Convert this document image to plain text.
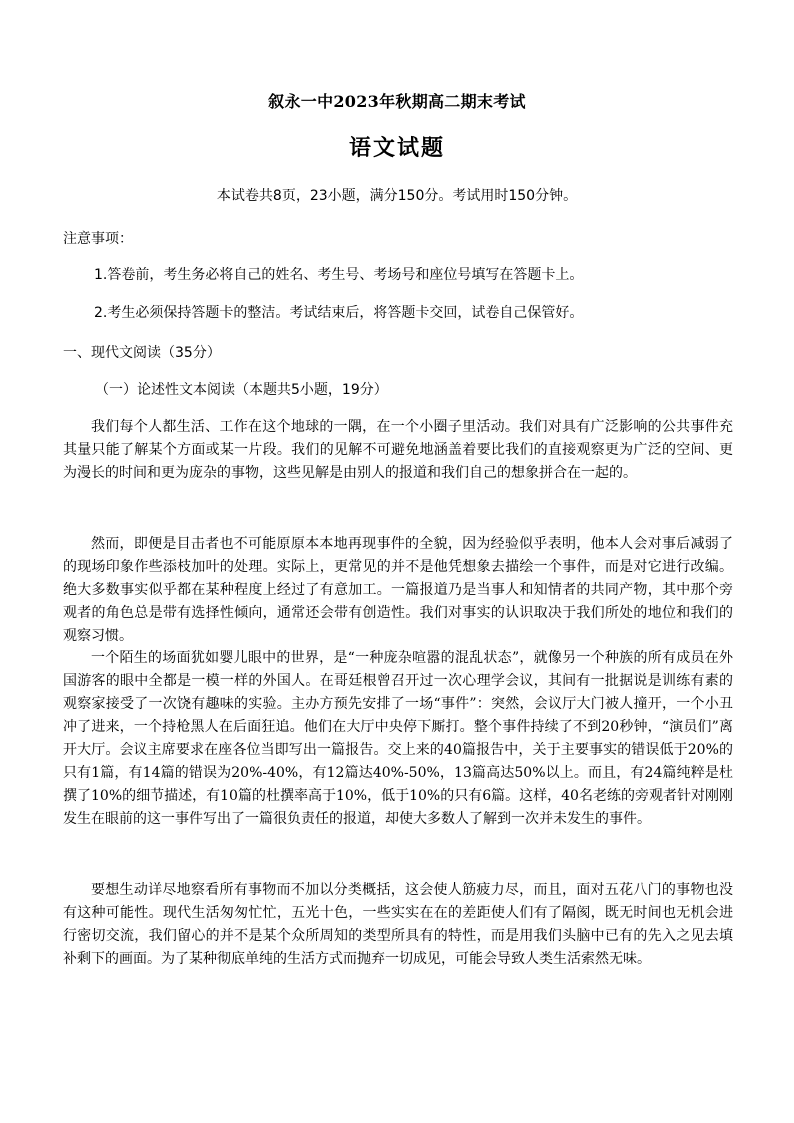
叙永一中2023年秋期高二期末考试
语文试题
本试卷共8页，23小题，满分150分。考试用时150分钟。
注意事项：
1.答卷前，考生务必将自己的姓名、考生号、考场号和座位号填写在答题卡上。
2.考生必须保持答题卡的整洁。考试结束后，将答题卡交回，试卷自己保管好。
一、现代文阅读（35分）
（一）论述性文本阅读（本题共5小题，19分）

我们每个人都生活、工作在这个地球的一隅，在一个小圈子里活动。我们对具有广泛影响的公共事件充其量只能了解某个方面或某一片段。我们的见解不可避免地涵盖着要比我们的直接观察更为广泛的空间、更为漫长的时间和更为庞杂的事物，这些见解是由别人的报道和我们自己的想象拼合在一起的。

然而，即便是目击者也不可能原原本本地再现事件的全貌，因为经验似乎表明，他本人会对事后减弱了的现场印象作些添枝加叶的处理。实际上，更常见的并不是他凭想象去描绘一个事件，而是对它进行改编。绝大多数事实似乎都在某种程度上经过了有意加工。一篇报道乃是当事人和知情者的共同产物，其中那个旁观者的角色总是带有选择性倾向，通常还会带有创造性。我们对事实的认识取决于我们所处的地位和我们的观察习惯。

一个陌生的场面犹如婴儿眼中的世界，是“一种庞杂喧嚣的混乱状态”，就像另一个种族的所有成员在外国游客的眼中全都是一模一样的外国人。在哥廷根曾召开过一次心理学会议，其间有一批据说是训练有素的观察家接受了一次饶有趣味的实验。主办方预先安排了一场“事件”：突然，会议厅大门被人撞开，一个小丑冲了进来，一个持枪黑人在后面狂追。他们在大厅中央停下厮打。整个事件持续了不到20秒钟，“演员们”离开大厅。会议主席要求在座各位当即写出一篇报告。交上来的40篇报告中，关于主要事实的错误低于20%的只有1篇，有14篇的错误为20%-40%，有12篇达40%-50%，13篇高达50%以上。而且，有24篇纯粹是杜撰了10%的细节描述，有10篇的杜撰率高于10%，低于10%的只有6篇。这样，40名老练的旁观者针对刚刚发生在眼前的这一事件写出了一篇很负责任的报道，却使大多数人了解到一次并未发生的事件。

要想生动详尽地察看所有事物而不加以分类概括，这会使人筋疲力尽，而且，面对五花八门的事物也没有这种可能性。现代生活匆匆忙忙，五光十色，一些实实在在的差距使人们有了隔阂，既无时间也无机会进行密切交流，我们留心的并不是某个众所周知的类型所具有的特性，而是用我们头脑中已有的先入之见去填补剩下的画面。为了某种彻底单纯的生活方式而抛弃一切成见，可能会导致人类生活索然无味。
